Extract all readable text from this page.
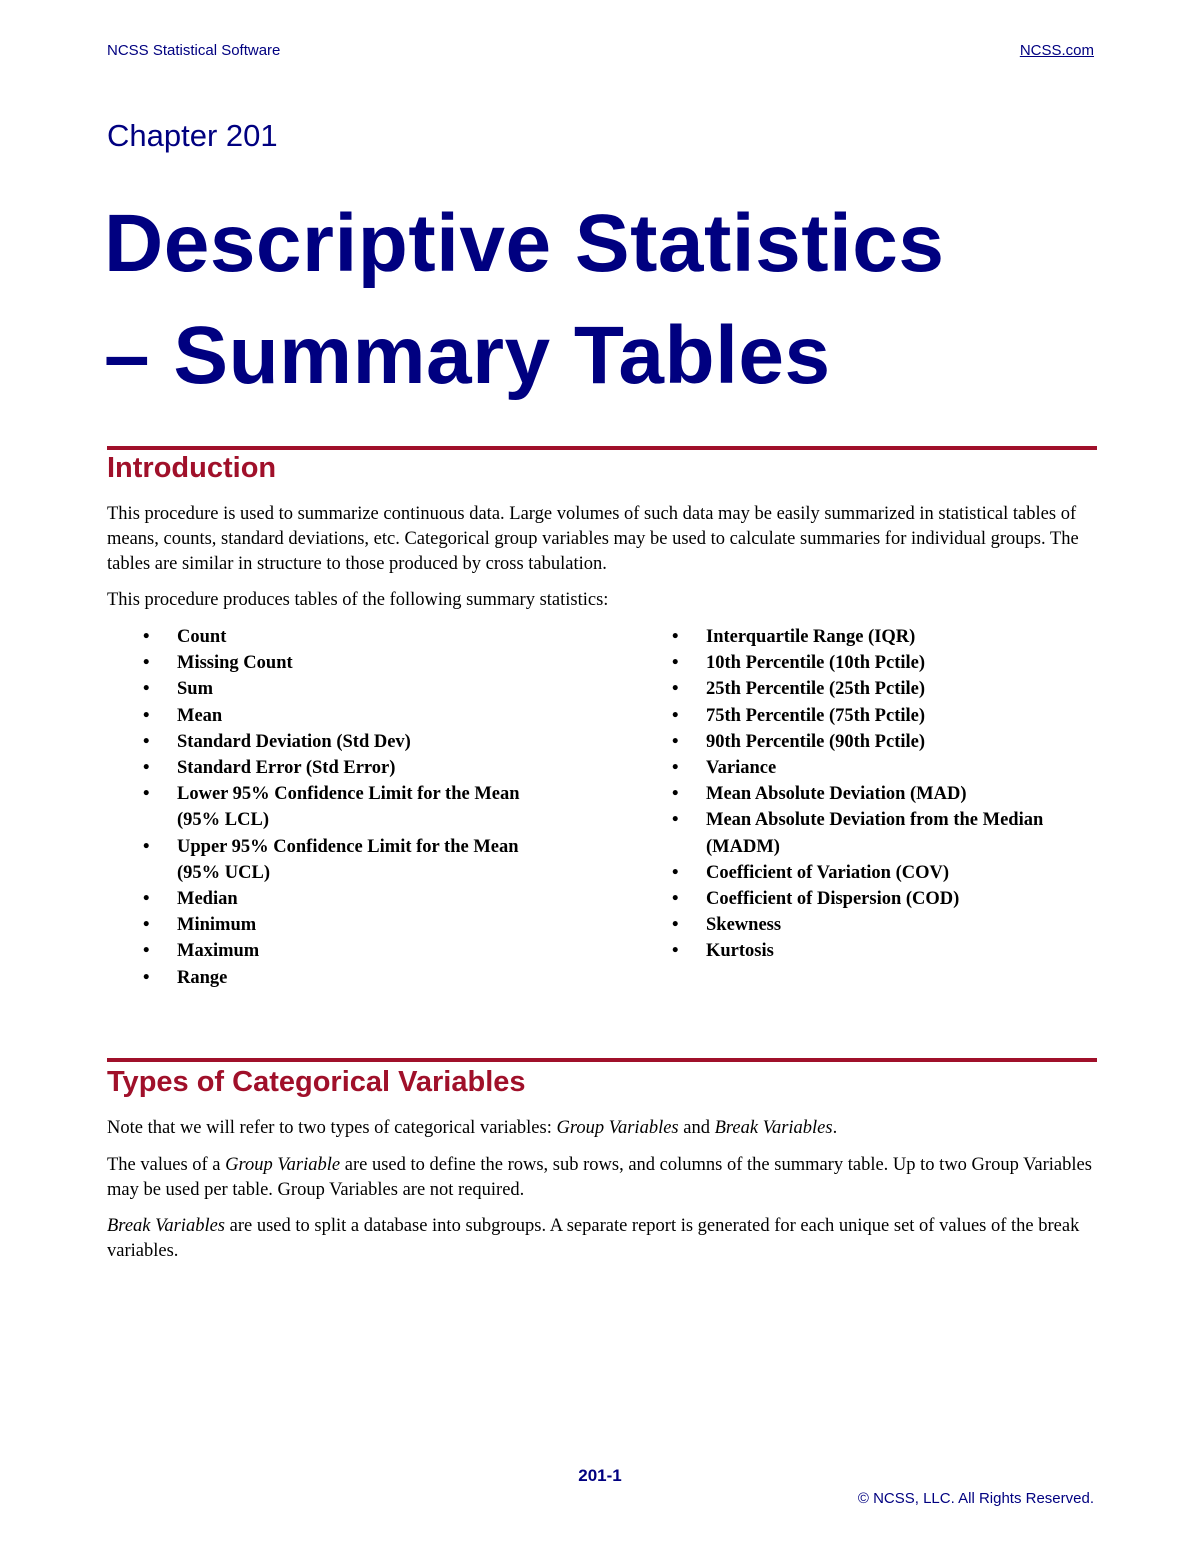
NCSS Statistical Software	NCSS.com
Chapter 201
Descriptive Statistics
– Summary Tables
Introduction

This procedure is used to summarize continuous data. Large volumes of such data may be easily summarized in statistical tables of means, counts, standard deviations, etc. Categorical group variables may be used to calculate summaries for individual groups. The tables are similar in structure to those produced by cross tabulation.

This procedure produces tables of the following summary statistics:

• Count
• Missing Count
• Sum
• Mean
• Standard Deviation (Std Dev)
• Standard Error (Std Error)
• Lower 95% Confidence Limit for the Mean (95% LCL)
• Upper 95% Confidence Limit for the Mean (95% UCL)
• Median
• Minimum
• Maximum
• Range
• Interquartile Range (IQR)
• 10th Percentile (10th Pctile)
• 25th Percentile (25th Pctile)
• 75th Percentile (75th Pctile)
• 90th Percentile (90th Pctile)
• Variance
• Mean Absolute Deviation (MAD)
• Mean Absolute Deviation from the Median (MADM)
• Coefficient of Variation (COV)
• Coefficient of Dispersion (COD)
• Skewness
• Kurtosis
Types of Categorical Variables

Note that we will refer to two types of categorical variables: Group Variables and Break Variables.

The values of a Group Variable are used to define the rows, sub rows, and columns of the summary table. Up to two Group Variables may be used per table. Group Variables are not required.

Break Variables are used to split a database into subgroups. A separate report is generated for each unique set of values of the break variables.

201-1
© NCSS, LLC. All Rights Reserved.
